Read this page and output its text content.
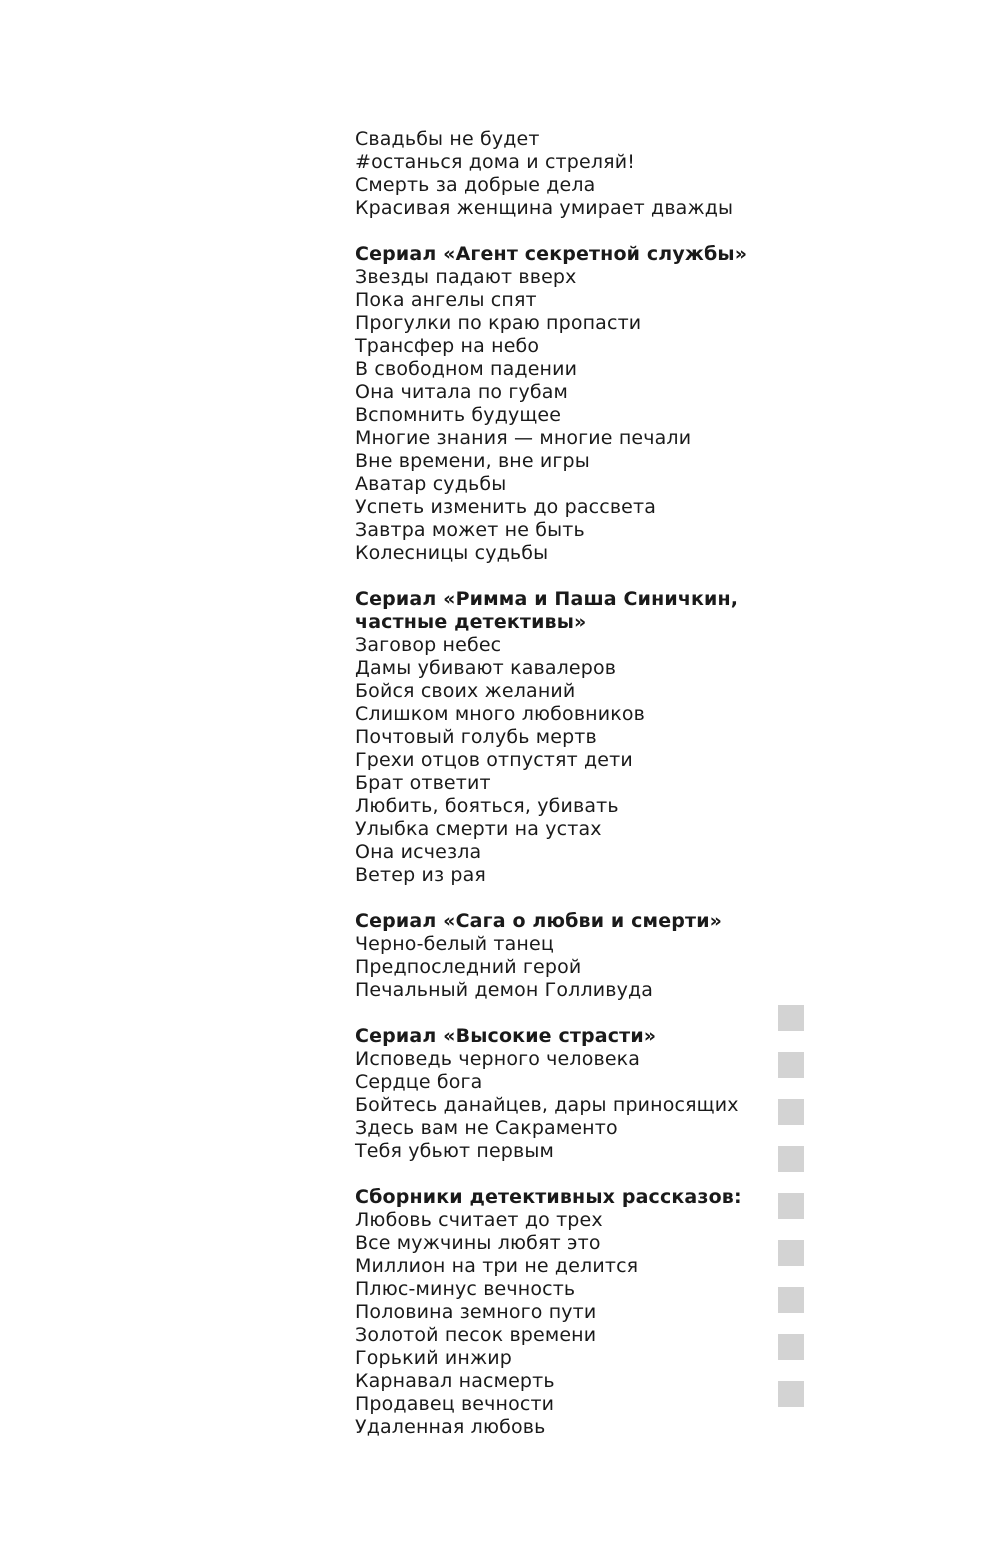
Свадьбы не будет
#останься дома и стреляй!
Смерть за добрые дела
Красивая женщина умирает дважды
Сериал «Агент секретной службы»
Звезды падают вверх
Пока ангелы спят
Прогулки по краю пропасти
Трансфер на небо
В свободном падении
Она читала по губам
Вспомнить будущее
Многие знания — многие печали
Вне времени, вне игры
Аватар судьбы
Успеть изменить до рассвета
Завтра может не быть
Колесницы судьбы
Сериал «Римма и Паша Синичкин,
частные детективы»
Заговор небес
Дамы убивают кавалеров
Бойся своих желаний
Слишком много любовников
Почтовый голубь мертв
Грехи отцов отпустят дети
Брат ответит
Любить, бояться, убивать
Улыбка смерти на устах
Она исчезла
Ветер из рая
Сериал «Сага о любви и смерти»
Черно-белый танец
Предпоследний герой
Печальный демон Голливуда
Сериал «Высокие страсти»
Исповедь черного человека
Сердце бога
Бойтесь данайцев, дары приносящих
Здесь вам не Сакраменто
Тебя убьют первым
Сборники детективных рассказов:
Любовь считает до трех
Все мужчины любят это
Миллион на три не делится
Плюс-минус вечность
Половина земного пути
Золотой песок времени
Горький инжир
Карнавал насмерть
Продавец вечности
Удаленная любовь
